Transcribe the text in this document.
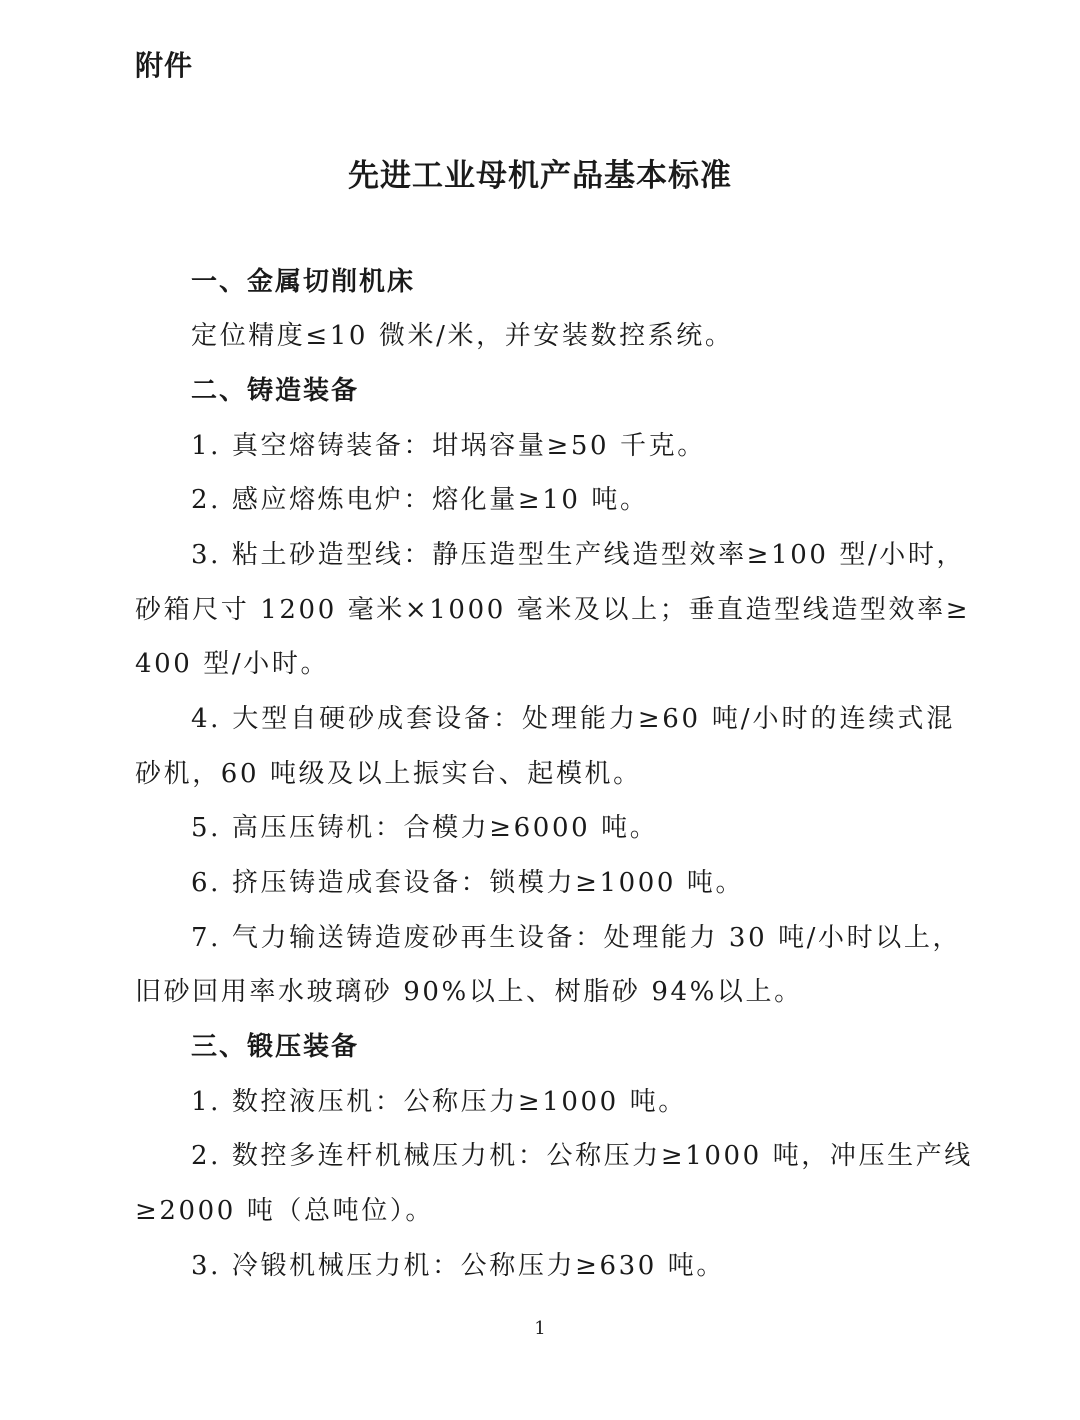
附件
先进工业母机产品基本标准
一、金属切削机床
定位精度≤10 微米/米，并安装数控系统。
二、铸造装备
1. 真空熔铸装备：坩埚容量≥50 千克。
2. 感应熔炼电炉：熔化量≥10 吨。
3. 粘土砂造型线：静压造型生产线造型效率≥100 型/小时，
砂箱尺寸 1200 毫米×1000 毫米及以上；垂直造型线造型效率≥
400 型/小时。
4. 大型自硬砂成套设备：处理能力≥60 吨/小时的连续式混
砂机，60 吨级及以上振实台、起模机。
5. 高压压铸机：合模力≥6000 吨。
6. 挤压铸造成套设备：锁模力≥1000 吨。
7. 气力输送铸造废砂再生设备：处理能力 30 吨/小时以上，
旧砂回用率水玻璃砂 90%以上、树脂砂 94%以上。
三、锻压装备
1. 数控液压机：公称压力≥1000 吨。
2. 数控多连杆机械压力机：公称压力≥1000 吨，冲压生产线
≥2000 吨（总吨位）。
3. 冷锻机械压力机：公称压力≥630 吨。
1
